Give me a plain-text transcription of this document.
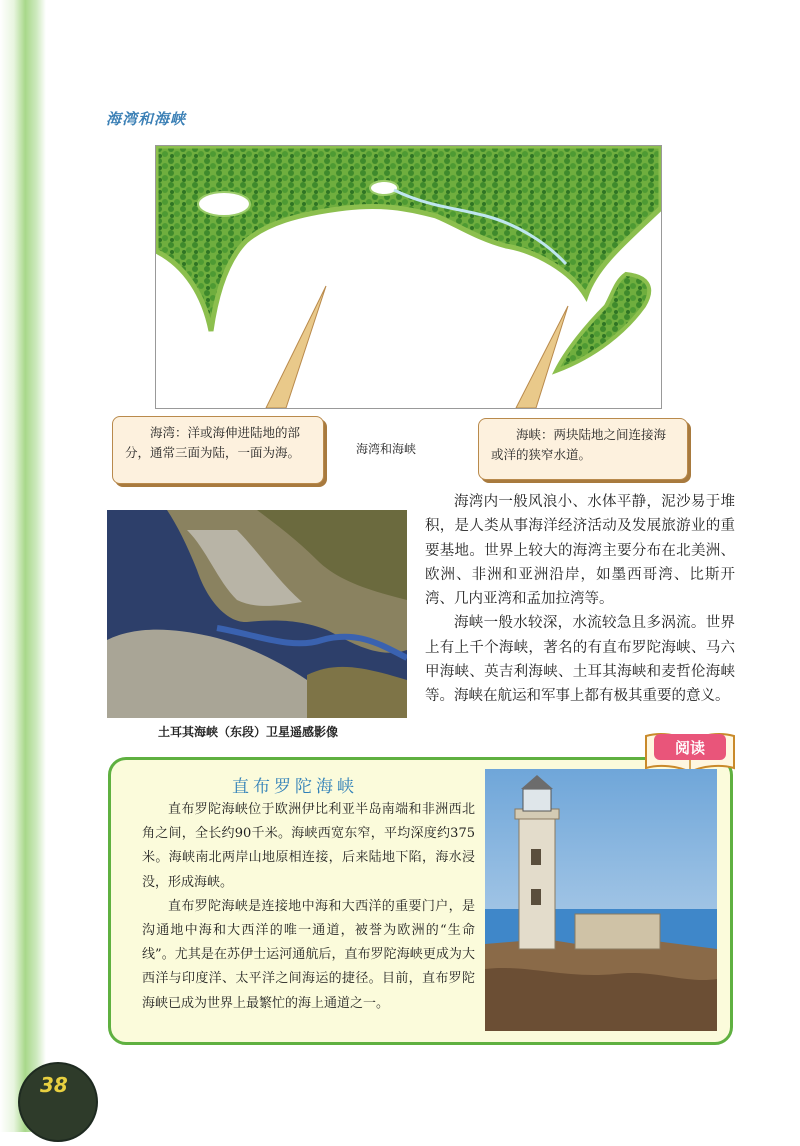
海湾和海峡

海湾：洋或海伸进陆地的部分，通常三面为陆，一面为海。	海湾和海峡
海峡：两块陆地之间连接海或洋的狭窄水道。
土耳其海峡（东段）卫星遥感影像

海湾内一般风浪小、水体平静，泥沙易于堆积，是人类从事海洋经济活动及发展旅游业的重要基地。世界上较大的海湾主要分布在北美洲、欧洲、非洲和亚洲沿岸，如墨西哥湾、比斯开湾、几内亚湾和孟加拉湾等。

海峡一般水较深，水流较急且多涡流。世界上有上千个海峡，著名的有直布罗陀海峡、马六甲海峡、英吉利海峡、土耳其海峡和麦哲伦海峡等。海峡在航运和军事上都有极其重要的意义。

阅读
直布罗陀海峡

直布罗陀海峡位于欧洲伊比利亚半岛南端和非洲西北角之间，全长约90千米。海峡西宽东窄，平均深度约375米。海峡南北两岸山地原相连接，后来陆地下陷，海水浸没，形成海峡。

直布罗陀海峡是连接地中海和大西洋的重要门户，是沟通地中海和大西洋的唯一通道，被誉为欧洲的“生命线”。尤其是在苏伊士运河通航后，直布罗陀海峡更成为大西洋与印度洋、太平洋之间海运的捷径。目前，直布罗陀海峡已成为世界上最繁忙的海上通道之一。

38
